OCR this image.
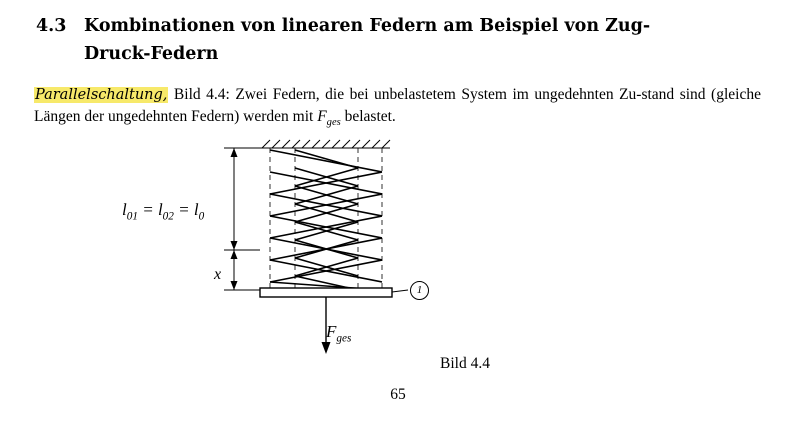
4.3 Kombinationen von linearen Federn am Beispiel von Zug-
Druck-Federn
Parallelschaltung, Bild 4.4: Zwei Federn, die bei unbelastetem System im ungedehnten Zu-stand sind (gleiche Längen der ungedehnten Federn) werden mit $F_{ges}$ belastet.
$l_{01} = l_{02} = l_0$
x
$F_{ges}$
1
Bild 4.4
65
